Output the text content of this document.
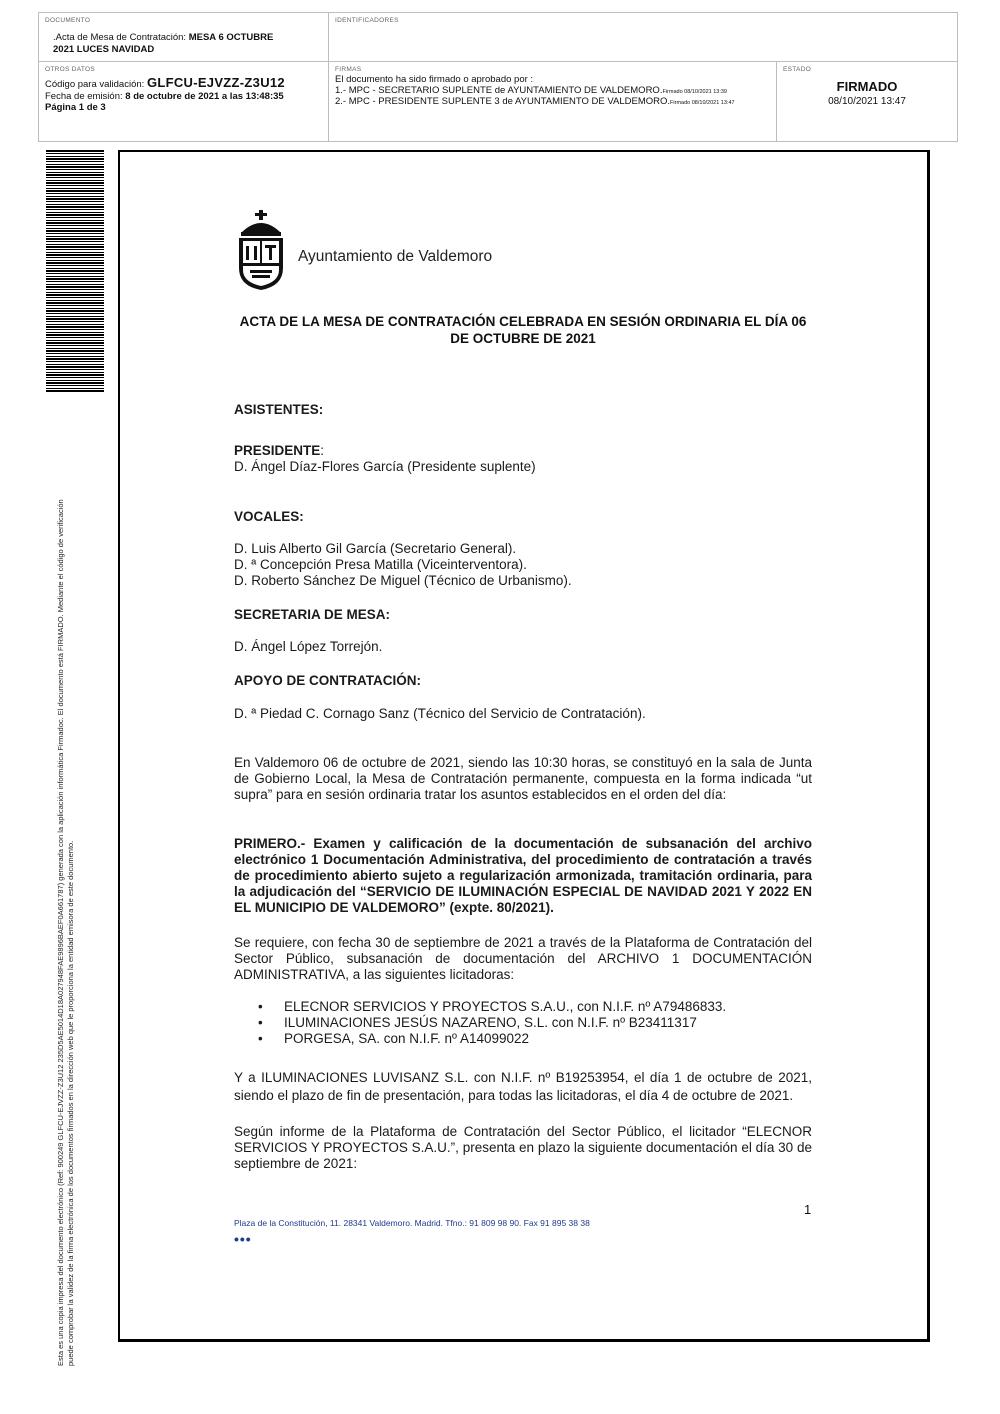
DOCUMENTO
.Acta de Mesa de Contratación: MESA 6 OCTUBRE
2021 LUCES NAVIDAD
IDENTIFICADORES
OTROS DATOS
Código para validación: GLFCU-EJVZZ-Z3U12
Fecha de emisión: 8 de octubre de 2021 a las 13:48:35
Página 1 de 3
FIRMAS
El documento ha sido firmado o aprobado por :
1.- MPC - SECRETARIO SUPLENTE de AYUNTAMIENTO DE VALDEMORO.Firmado 08/10/2021 13:39
2.- MPC - PRESIDENTE SUPLENTE 3 de AYUNTAMIENTO DE VALDEMORO.Firmado 08/10/2021 13:47
ESTADO
FIRMADO
08/10/2021 13:47
Esta es una copia impresa del documento electrónico (Ref: 900249 GLFCU-EJVZZ-Z3U12 235D5AE5014D18A027948FAE9896BAEF0A661787) generada con la aplicación informática Firmadoc. El documento está FIRMADO. Mediante el código de verificación puede comprobar la validez de la firma electrónica de los documentos firmados en la dirección web que le proporciona la entidad emisora de este documento.
Ayuntamiento de Valdemoro
ACTA DE LA MESA DE CONTRATACIÓN CELEBRADA EN SESIÓN ORDINARIA EL DÍA 06
DE OCTUBRE DE 2021
ASISTENTES:
PRESIDENTE:
D. Ángel Díaz-Flores García (Presidente suplente)
VOCALES:
D. Luis Alberto Gil García (Secretario General).
D. ª Concepción Presa Matilla (Viceinterventora).
D. Roberto Sánchez De Miguel (Técnico de Urbanismo).
SECRETARIA DE MESA:
D. Ángel López Torrejón.
APOYO DE CONTRATACIÓN:
D. ª Piedad C. Cornago Sanz (Técnico del Servicio de Contratación).
En Valdemoro 06 de octubre de 2021, siendo las 10:30 horas, se constituyó en la sala de Junta de Gobierno Local, la Mesa de Contratación permanente, compuesta en la forma indicada “ut supra” para en sesión ordinaria tratar los asuntos establecidos en el orden del día:
PRIMERO.- Examen y calificación de la documentación de subsanación del archivo electrónico 1 Documentación Administrativa, del procedimiento de contratación a través de procedimiento abierto sujeto a regularización armonizada, tramitación ordinaria, para la adjudicación del “SERVICIO DE ILUMINACIÓN ESPECIAL DE NAVIDAD 2021 Y 2022 EN EL MUNICIPIO DE VALDEMORO” (expte. 80/2021).
Se requiere, con fecha 30 de septiembre de 2021 a través de la Plataforma de Contratación del Sector Público, subsanación de documentación del ARCHIVO 1 DOCUMENTACIÓN ADMINISTRATIVA, a las siguientes licitadoras:
• ELECNOR SERVICIOS Y PROYECTOS S.A.U., con N.I.F. nº A79486833.
• ILUMINACIONES JESÚS NAZARENO, S.L. con N.I.F. nº B23411317
• PORGESA, SA. con N.I.F. nº A14099022
Y a ILUMINACIONES LUVISANZ S.L. con N.I.F. nº B19253954, el día 1 de octubre de 2021, siendo el plazo de fin de presentación, para todas las licitadoras, el día 4 de octubre de 2021.
Según informe de la Plataforma de Contratación del Sector Público, el licitador “ELECNOR SERVICIOS Y PROYECTOS S.A.U.”, presenta en plazo la siguiente documentación el día 30 de septiembre de 2021:
1
Plaza de la Constitución, 11. 28341 Valdemoro. Madrid. Tfno.: 91 809 98 90. Fax 91 895 38 38
•••
